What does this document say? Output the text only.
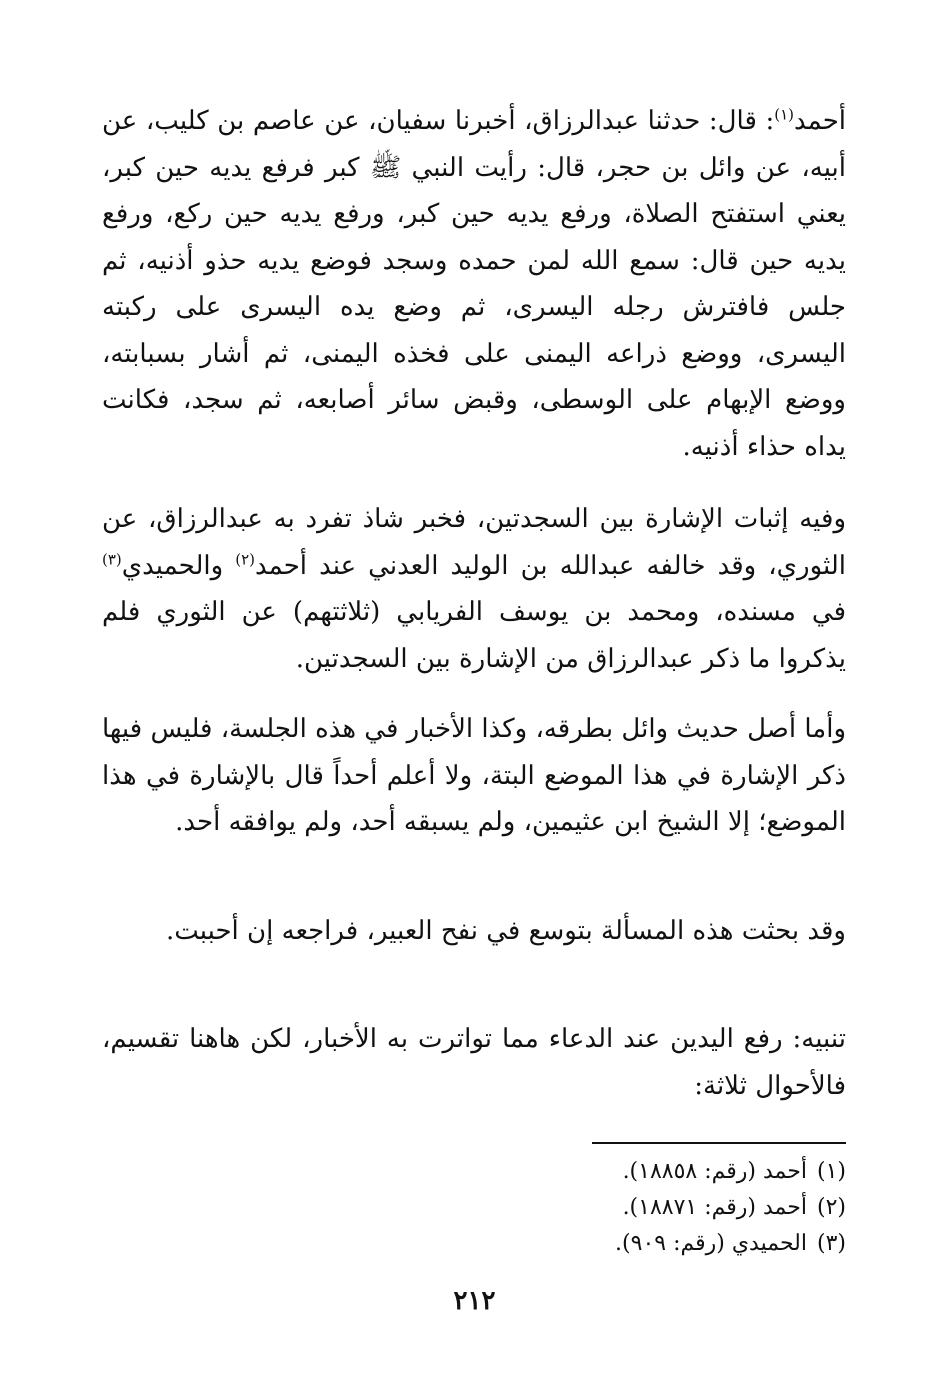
أحمد$^{(١)}$: قال: حدثنا عبدالرزاق، أخبرنا سفيان، عن عاصم بن كليب، عن أبيه، عن وائل بن حجر، قال: رأيت النبي ﷺ كبر فرفع يديه حين كبر، يعني استفتح الصلاة، ورفع يديه حين كبر، ورفع يديه حين ركع، ورفع يديه حين قال: سمع الله لمن حمده وسجد فوضع يديه حذو أذنيه، ثم جلس فافترش رجله اليسرى، ثم وضع يده اليسرى على ركبته اليسرى، ووضع ذراعه اليمنى على فخذه اليمنى، ثم أشار بسبابته، ووضع الإبهام على الوسطى، وقبض سائر أصابعه، ثم سجد، فكانت يداه حذاء أذنيه.

وفيه إثبات الإشارة بين السجدتين، فخبر شاذ تفرد به عبدالرزاق، عن الثوري، وقد خالفه عبدالله بن الوليد العدني عند أحمد$^{(٢)}$ والحميدي$^{(٣)}$ في مسنده، ومحمد بن يوسف الفريابي (ثلاثتهم) عن الثوري فلم يذكروا ما ذكر عبدالرزاق من الإشارة بين السجدتين.

وأما أصل حديث وائل بطرقه، وكذا الأخبار في هذه الجلسة، فليس فيها ذكر الإشارة في هذا الموضع البتة، ولا أعلم أحداً قال بالإشارة في هذا الموضع؛ إلا الشيخ ابن عثيمين، ولم يسبقه أحد، ولم يوافقه أحد.

وقد بحثت هذه المسألة بتوسع في نفح العبير، فراجعه إن أحببت.

تنبيه: رفع اليدين عند الدعاء مما تواترت به الأخبار، لكن هاهنا تقسيم، فالأحوال ثلاثة:

(١)أحمد (رقم: ١٨٨٥٨).
(٢)أحمد (رقم: ١٨٨٧١).
(٣)الحميدي (رقم: ٩٠٩).
٢١٢
